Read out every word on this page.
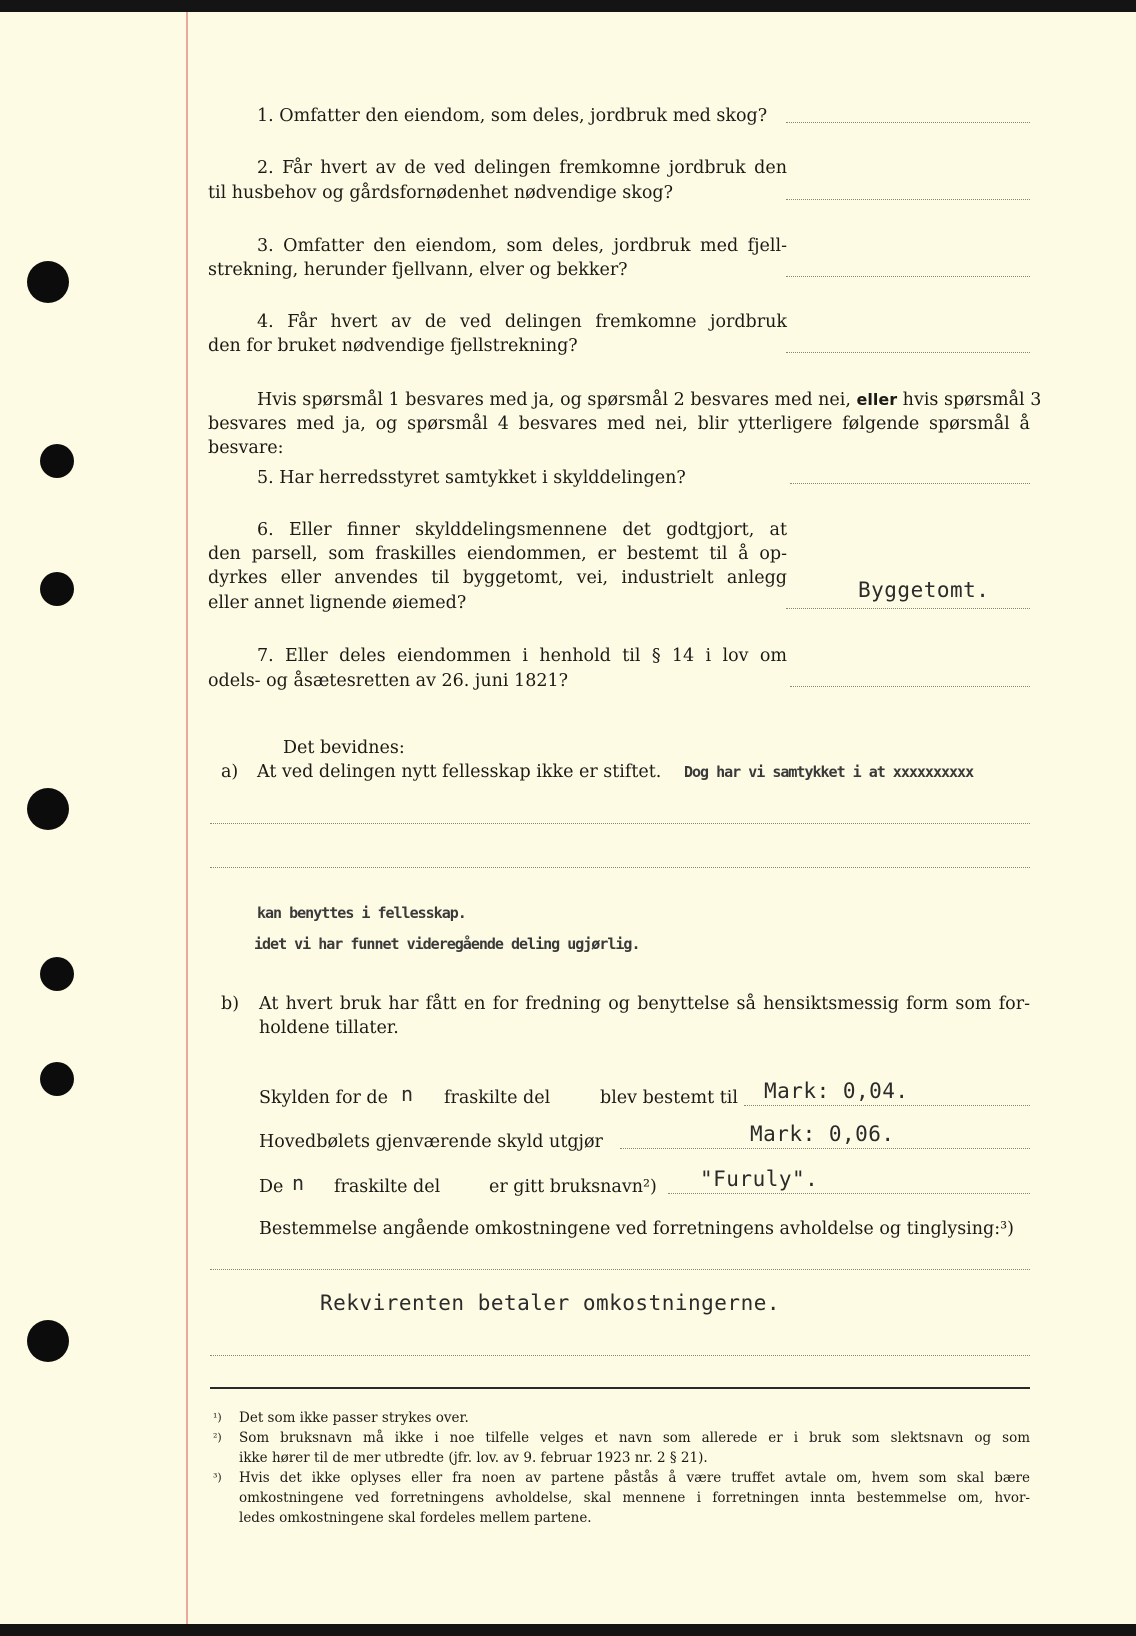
1. Omfatter den eiendom, som deles, jordbruk med skog?
2. Får hvert av de ved delingen fremkomne jordbruk den
til husbehov og gårdsfornødenhet nødvendige skog?
3. Omfatter den eiendom, som deles, jordbruk med fjell-
strekning, herunder fjellvann, elver og bekker?
4. Får hvert av de ved delingen fremkomne jordbruk
den for bruket nødvendige fjellstrekning?
Hvis spørsmål 1 besvares med ja, og spørsmål 2 besvares med nei, eller hvis spørsmål 3
besvares med ja, og spørsmål 4 besvares med nei, blir ytterligere følgende spørsmål å besvare:
5. Har herredsstyret samtykket i skylddelingen?
6. Eller finner skylddelingsmennene det godtgjort, at
den parsell, som fraskilles eiendommen, er bestemt til å op-
dyrkes eller anvendes til byggetomt, vei, industrielt anlegg
eller annet lignende øiemed?
Byggetomt.
7. Eller deles eiendommen i henhold til § 14 i lov om
odels- og åsætesretten av 26. juni 1821?
Det bevidnes:
a) At ved delingen nytt fellesskap ikke er stiftet. Dog har vi samtykket i at xxxxxxxxxx
kan benyttes i fellesskap.
idet vi har funnet videregående deling ugjørlig.
b) At hvert bruk har fått en for fredning og benyttelse så hensiktsmessig form som for-
holdene tillater.
Skylden for de n fraskilte del	blev bestemt til Mark: 0,04.
Hovedbølets gjenværende skyld utgjør	Mark: 0,06.
De n fraskilte del	er gitt bruksnavn²) "Furuly".
Bestemmelse angående omkostningene ved forretningens avholdelse og tinglysing:³)
Rekvirenten betaler omkostningerne.
¹) Det som ikke passer strykes over.
²) Som bruksnavn må ikke i noe tilfelle velges et navn som allerede er i bruk som slektsnavn og som
ikke hører til de mer utbredte (jfr. lov. av 9. februar 1923 nr. 2 § 21).
³) Hvis det ikke oplyses eller fra noen av partene påstås å være truffet avtale om, hvem som skal bære
omkostningene ved forretningens avholdelse, skal mennene i forretningen innta bestemmelse om, hvor-
ledes omkostningene skal fordeles mellem partene.
